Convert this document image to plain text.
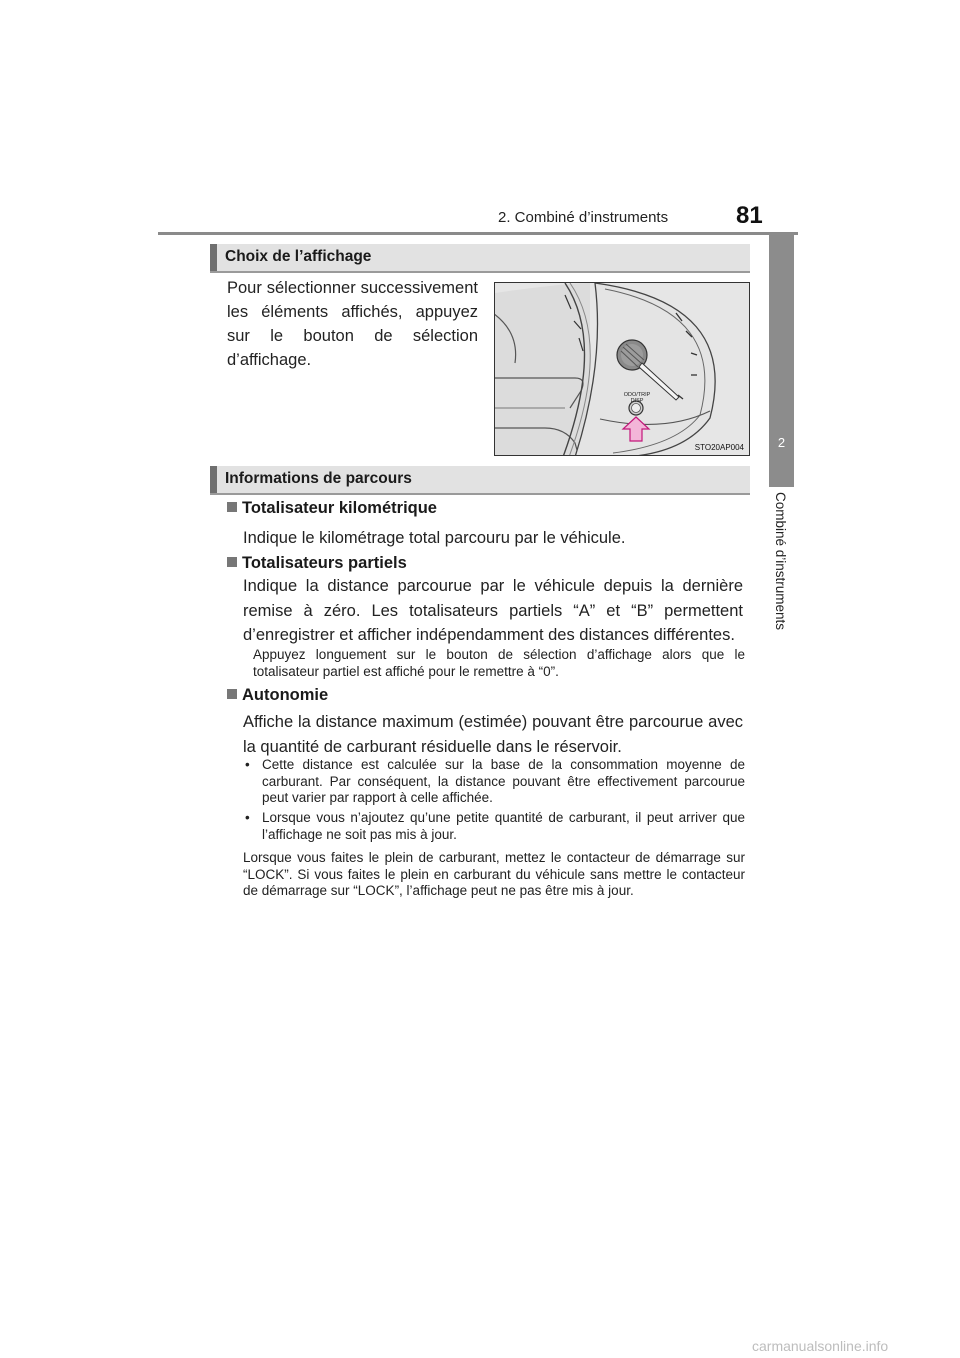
2. Combiné d’instruments	81
2
Combiné d’instruments
Choix de l’affichage
Pour sélectionner successivement les éléments affichés, appuyez sur le bouton de sélection d’affichage.
ODO/TRIP
DISP
STO20AP004
Informations de parcours
Totalisateur kilométrique
Indique le kilométrage total parcouru par le véhicule.
Totalisateurs partiels
Indique la distance parcourue par le véhicule depuis la dernière remise à zéro. Les totalisateurs partiels “A” et “B” permettent d’enregistrer et afficher indépendamment des distances différentes.
Appuyez longuement sur le bouton de sélection d’affichage alors que le totalisateur partiel est affiché pour le remettre à “0”.
Autonomie
Affiche la distance maximum (estimée) pouvant être parcourue avec la quantité de carburant résiduelle dans le réservoir.
• Cette distance est calculée sur la base de la consommation moyenne de carburant. Par conséquent, la distance pouvant être effectivement parcourue peut varier par rapport à celle affichée.
• Lorsque vous n’ajoutez qu’une petite quantité de carburant, il peut arriver que l’affichage ne soit pas mis à jour.
Lorsque vous faites le plein de carburant, mettez le contacteur de démarrage sur “LOCK”. Si vous faites le plein en carburant du véhicule sans mettre le contacteur de démarrage sur “LOCK”, l’affichage peut ne pas être mis à jour.
carmanualsonline.info
